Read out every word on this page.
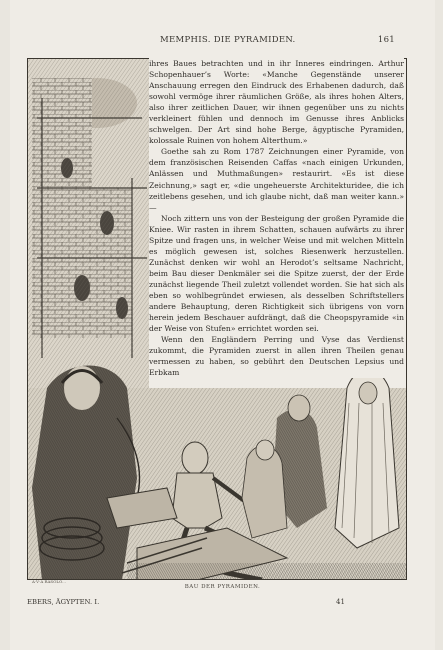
MEMPHIS. DIE PYRAMIDEN.	161

ihres Baues betrachten und in ihr Inneres eindringen. Arthur Schopenhauer’s Worte: «Manche Gegenstände unserer Anschauung erregen den Eindruck des Erhabenen dadurch, daß sowohl vermöge ihrer räumlichen Größe, als ihres hohen Alters, also ihrer zeitlichen Dauer, wir ihnen gegenüber uns zu nichts verkleinert fühlen und dennoch im Genusse ihres Anblicks schwelgen. Der Art sind hohe Berge, ägyptische Pyramiden, kolossale Ruinen von hohem Alterthum.»

Goethe sah zu Rom 1787 Zeichnungen einer Pyramide, von dem französischen Reisenden Caffas «nach einigen Urkunden, Anlässen und Muthmaßungen» restaurirt. «Es ist diese Zeichnung,» sagt er, «die ungeheuerste Architekturidee, die ich zeitlebens gesehen, und ich glaube nicht, daß man weiter kann.» —

Noch zittern uns von der Besteigung der großen Pyramide die Kniee. Wir rasten in ihrem Schatten, schauen aufwärts zu ihrer Spitze und fragen uns, in welcher Weise und mit welchen Mitteln es möglich gewesen ist, solches Riesenwerk herzustellen. Zunächst denken wir wohl an Herodot’s seltsame Nachricht, beim Bau dieser Denkmäler sei die Spitze zuerst, der der Erde zunächst liegende Theil zuletzt vollendet worden. Sie hat sich als eben so wohlbegründet erwiesen, als desselben Schriftstellers andere Behauptung, deren Richtigkeit sich übrigens von vorn herein jedem Beschauer aufdrängt, daß die Cheopspyramide «in der Weise von Stufen» errichtet worden sei.

Wenn den Engländern Perring und Vyse das Verdienst zukommt, die Pyramiden zuerst in allen ihren Theilen genau vermessen zu haben, so gebührt den Deutschen Lepsius und Erbkam

A·V·A RASOLO...
BAU DER PYRAMIDEN.
EBERS, ÄGYPTEN. I.	41
